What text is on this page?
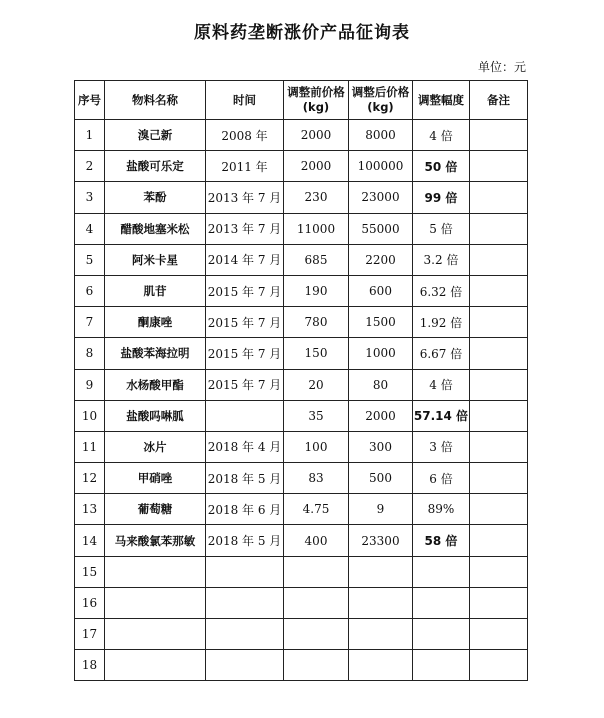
原料药垄断涨价产品征询表
单位：元
序号	物料名称	时间	调整前价格(kg)	调整后价格(kg)	调整幅度	备注
1	溴己新	2008 年	2000	8000	4 倍	
2	盐酸可乐定	2011 年	2000	100000	50 倍	
3	苯酚	2013 年 7 月	230	23000	99 倍	
4	醋酸地塞米松	2013 年 7 月	11000	55000	5 倍	
5	阿米卡星	2014 年 7 月	685	2200	3.2 倍	
6	肌苷	2015 年 7 月	190	600	6.32 倍	
7	酮康唑	2015 年 7 月	780	1500	1.92 倍	
8	盐酸苯海拉明	2015 年 7 月	150	1000	6.67 倍	
9	水杨酸甲酯	2015 年 7 月	20	80	4 倍	
10	盐酸吗啉胍		35	2000	57.14 倍	
11	冰片	2018 年 4 月	100	300	3 倍	
12	甲硝唑	2018 年 5 月	83	500	6 倍	
13	葡萄糖	2018 年 6 月	4.75	9	89%	
14	马来酸氯苯那敏	2018 年 5 月	400	23300	58 倍	
15						
16						
17						
18						
